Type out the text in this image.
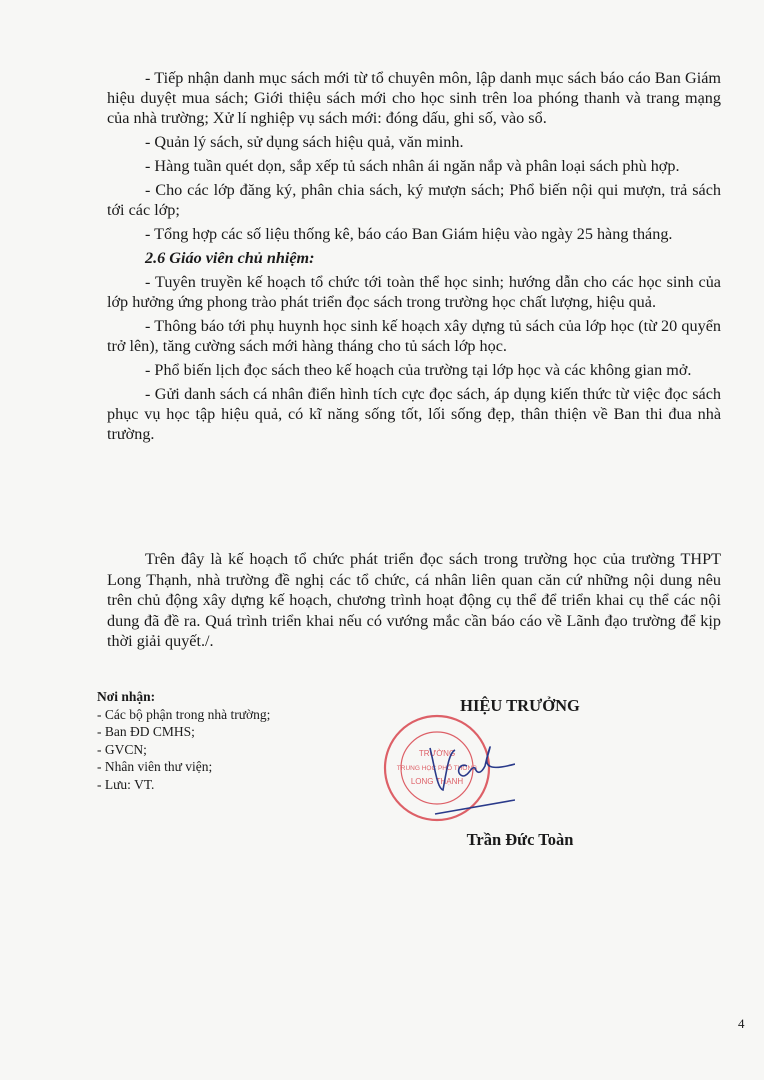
- Tiếp nhận danh mục sách mới từ tổ chuyên môn, lập danh mục sách báo cáo Ban Giám hiệu duyệt mua sách; Giới thiệu sách mới cho học sinh trên loa phóng thanh và trang mạng của nhà trường; Xử lí nghiệp vụ sách mới: đóng dấu, ghi số, vào sổ.

- Quản lý sách, sử dụng sách hiệu quả, văn minh.

- Hàng tuần quét dọn, sắp xếp tủ sách nhân ái ngăn nắp và phân loại sách phù hợp.

- Cho các lớp đăng ký, phân chia sách, ký mượn sách; Phổ biến nội qui mượn, trả sách tới các lớp;

- Tổng hợp các số liệu thống kê, báo cáo Ban Giám hiệu vào ngày 25 hàng tháng.

2.6 Giáo viên chủ nhiệm:

- Tuyên truyền kế hoạch tổ chức tới toàn thể học sinh; hướng dẫn cho các học sinh của lớp hưởng ứng phong trào phát triển đọc sách trong trường học chất lượng, hiệu quả.

- Thông báo tới phụ huynh học sinh kế hoạch xây dựng tủ sách của lớp học (từ 20 quyển trở lên), tăng cường sách mới hàng tháng cho tủ sách lớp học.

- Phổ biến lịch đọc sách theo kế hoạch của trường tại lớp học và các không gian mở.

- Gửi danh sách cá nhân điển hình tích cực đọc sách, áp dụng kiến thức từ việc đọc sách phục vụ học tập hiệu quả, có kĩ năng sống tốt, lối sống đẹp, thân thiện về Ban thi đua nhà trường.

Trên đây là kế hoạch tổ chức phát triển đọc sách trong trường học của trường THPT Long Thạnh, nhà trường đề nghị các tổ chức, cá nhân liên quan căn cứ những nội dung nêu trên chủ động xây dựng kế hoạch, chương trình hoạt động cụ thể để triển khai cụ thể các nội dung đã đề ra. Quá trình triển khai nếu có vướng mắc cần báo cáo về Lãnh đạo trường để kịp thời giải quyết./.

Nơi nhận:
- Các bộ phận trong nhà trường;
- Ban ĐD CMHS;
- GVCN;
- Nhân viên thư viện;
- Lưu: VT.
HIỆU TRƯỞNG
TRƯỜNG
TRUNG HỌC PHỔ THÔNG
LONG THẠNH
Trần Đức Toàn
4
